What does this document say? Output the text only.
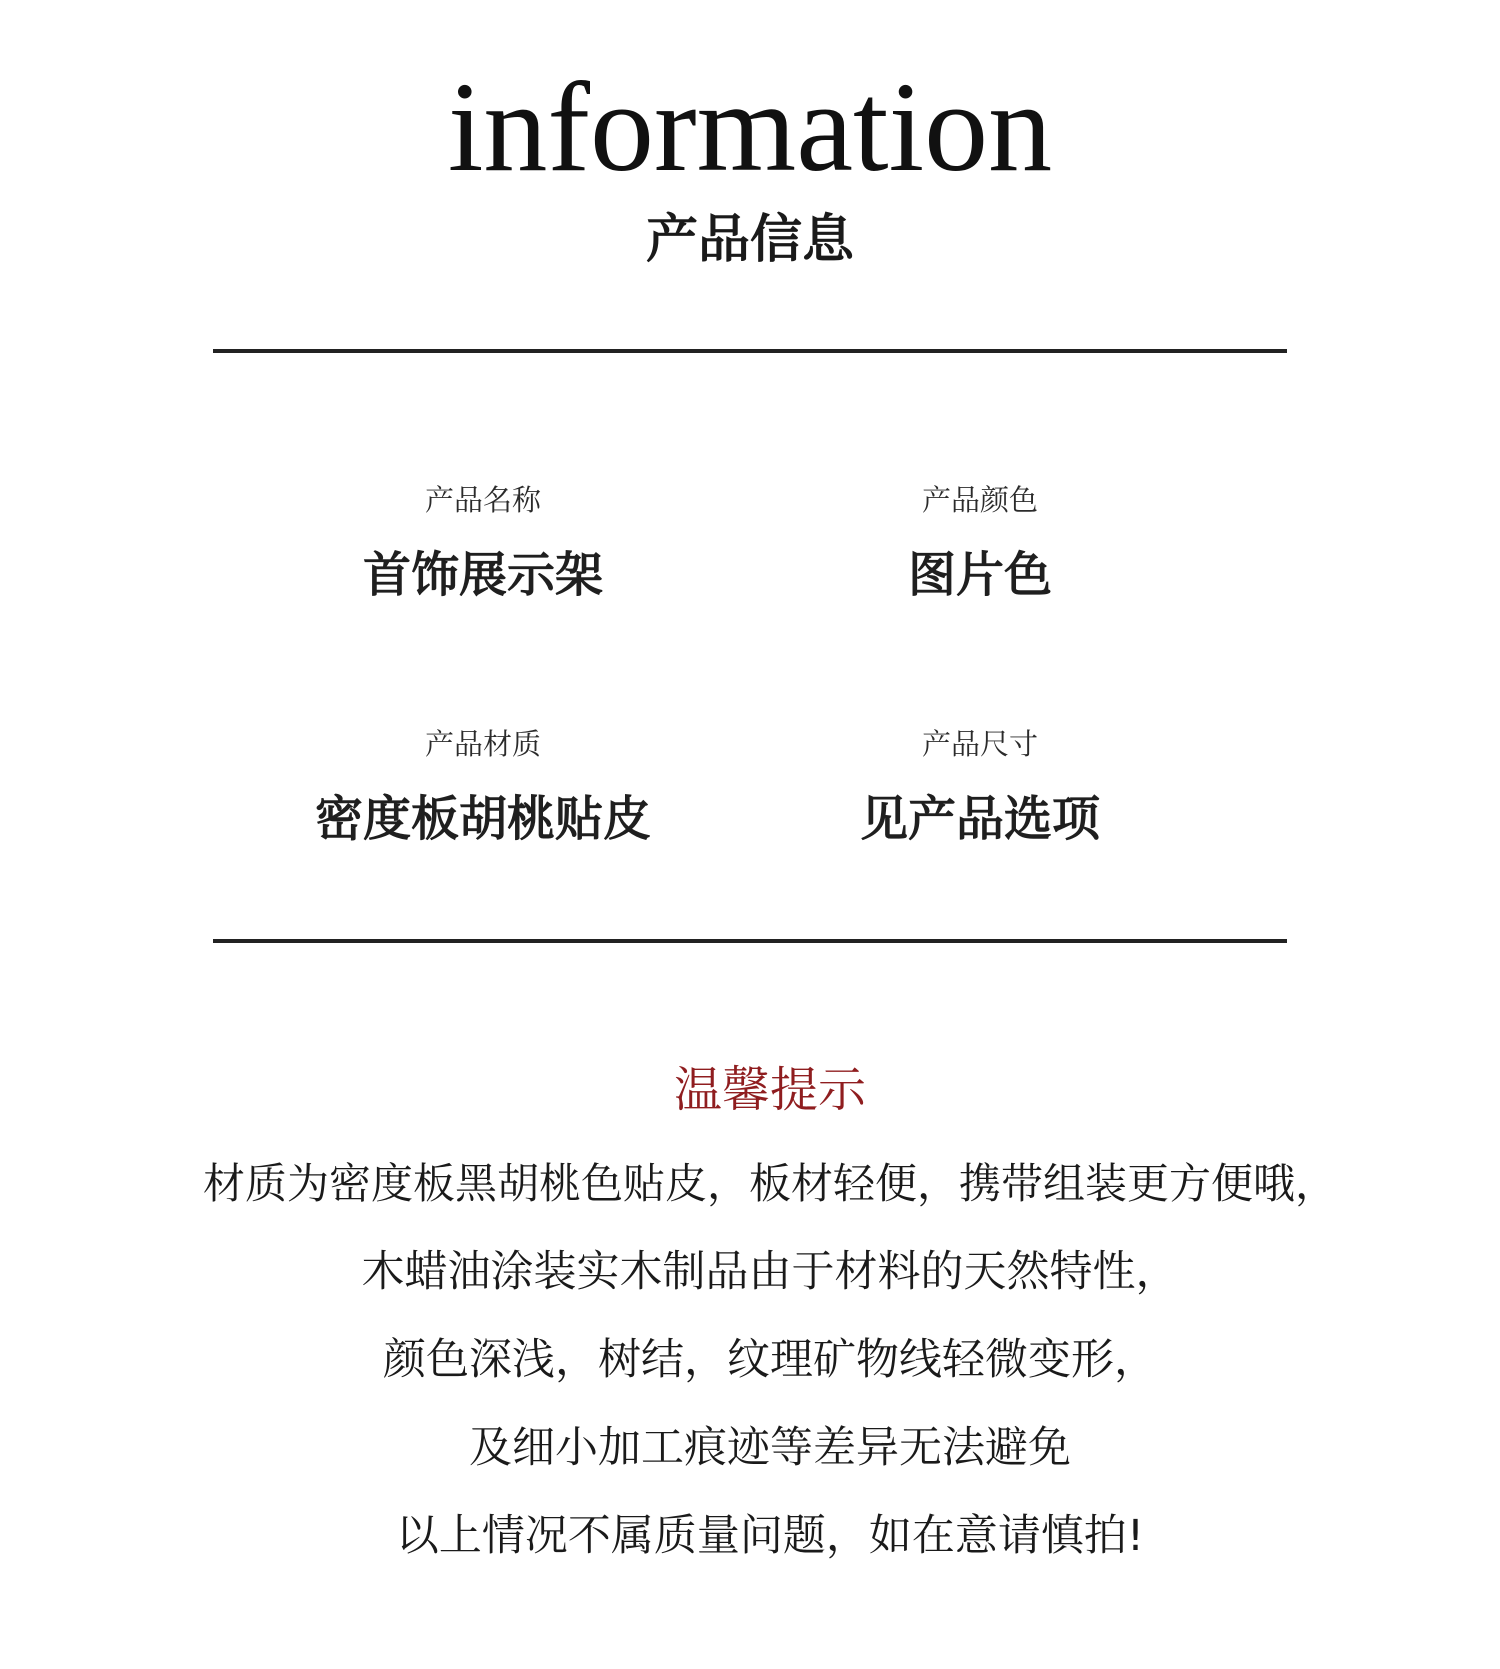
information
产品信息
产品名称
首饰展示架
产品颜色
图片色
产品材质
密度板胡桃贴皮
产品尺寸
见产品选项
温馨提示
材质为密度板黑胡桃色贴皮，板材轻便，携带组装更方便哦，
木蜡油涂装实木制品由于材料的天然特性，
颜色深浅，树结，纹理矿物线轻微变形，
及细小加工痕迹等差异无法避免
以上情况不属质量问题，如在意请慎拍!
